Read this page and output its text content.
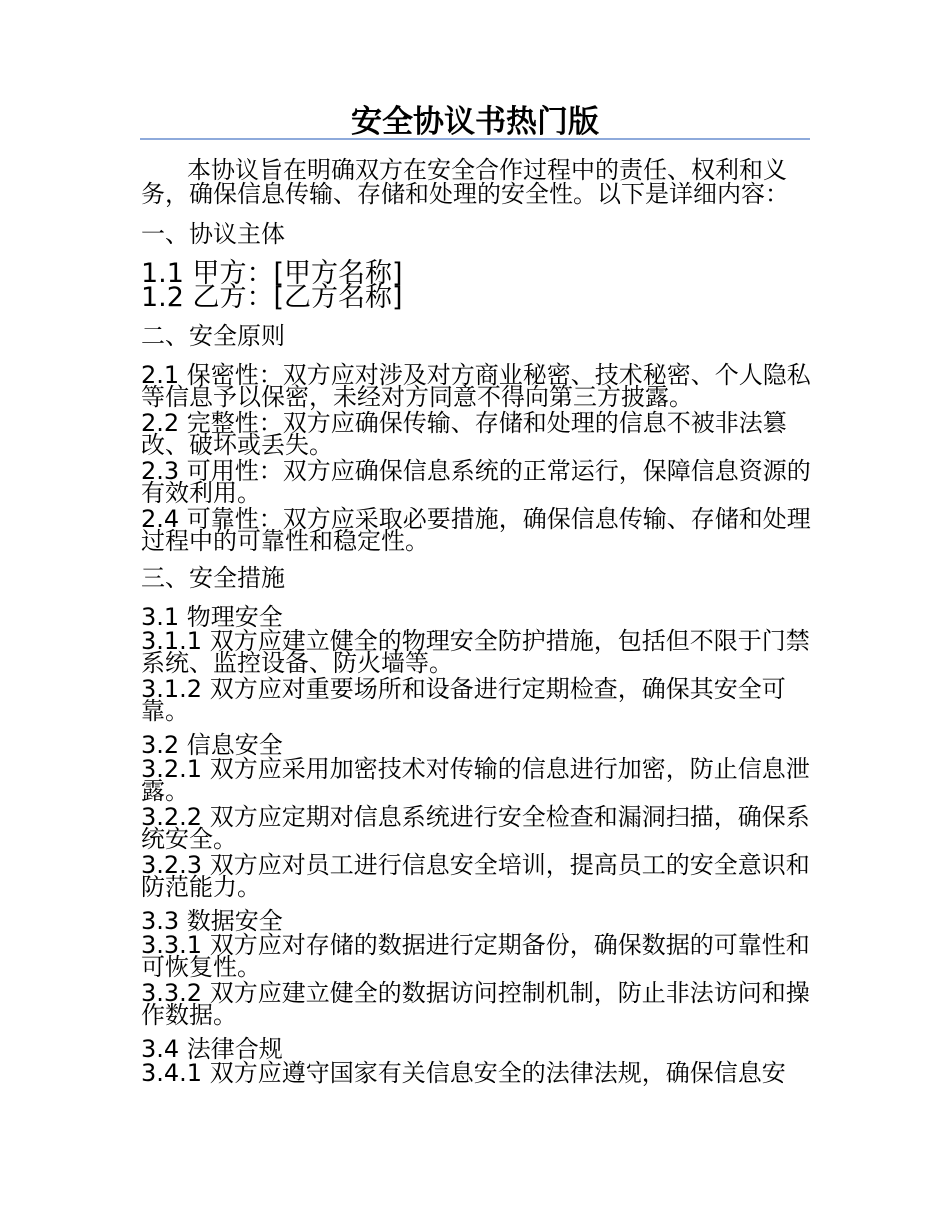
安全协议书热门版

本协议旨在明确双方在安全合作过程中的责任、权利和义务，确保信息传输、存储和处理的安全性。以下是详细内容：

一、协议主体
1.1 甲方：[甲方名称]
1.2 乙方：[乙方名称]
二、安全原则
2.1 保密性：双方应对涉及对方商业秘密、技术秘密、个人隐私等信息予以保密，未经对方同意不得向第三方披露。
2.2 完整性：双方应确保传输、存储和处理的信息不被非法篡改、破坏或丢失。
2.3 可用性：双方应确保信息系统的正常运行，保障信息资源的有效利用。
2.4 可靠性：双方应采取必要措施，确保信息传输、存储和处理过程中的可靠性和稳定性。
三、安全措施
3.1 物理安全
3.1.1 双方应建立健全的物理安全防护措施，包括但不限于门禁系统、监控设备、防火墙等。
3.1.2 双方应对重要场所和设备进行定期检查，确保其安全可靠。
3.2 信息安全
3.2.1 双方应采用加密技术对传输的信息进行加密，防止信息泄露。
3.2.2 双方应定期对信息系统进行安全检查和漏洞扫描，确保系统安全。
3.2.3 双方应对员工进行信息安全培训，提高员工的安全意识和防范能力。
3.3 数据安全
3.3.1 双方应对存储的数据进行定期备份，确保数据的可靠性和可恢复性。
3.3.2 双方应建立健全的数据访问控制机制，防止非法访问和操作数据。
3.4 法律合规
3.4.1 双方应遵守国家有关信息安全的法律法规，确保信息安
